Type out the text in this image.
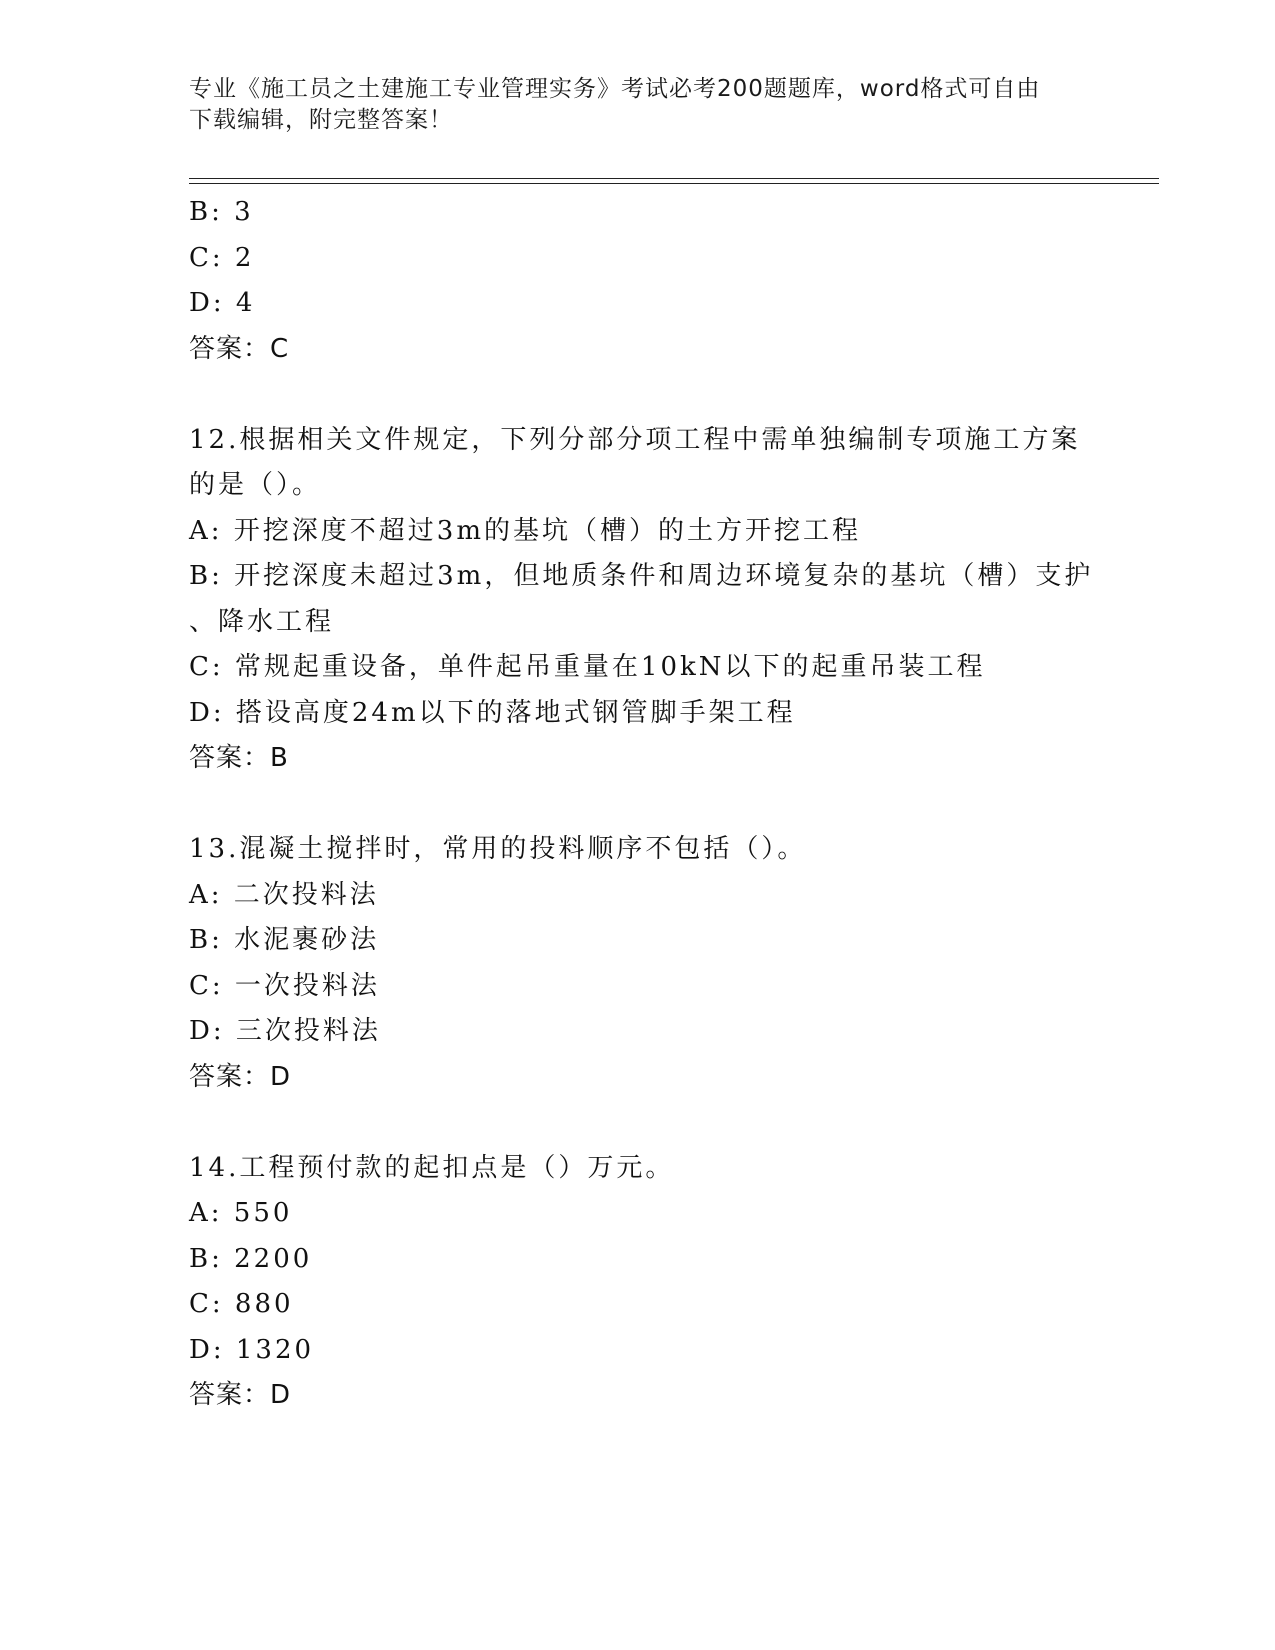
专业《施工员之土建施工专业管理实务》考试必考200题题库，word格式可自由
下载编辑，附完整答案！
B: 3
C: 2
D: 4
答案：C
12.根据相关文件规定，下列分部分项工程中需单独编制专项施工方案
的是（）。
A: 开挖深度不超过3m的基坑（槽）的土方开挖工程
B: 开挖深度未超过3m，但地质条件和周边环境复杂的基坑（槽）支护
、降水工程
C: 常规起重设备，单件起吊重量在10kN以下的起重吊装工程
D: 搭设高度24m以下的落地式钢管脚手架工程
答案：B
13.混凝土搅拌时，常用的投料顺序不包括（）。
A: 二次投料法
B: 水泥裹砂法
C: 一次投料法
D: 三次投料法
答案：D
14.工程预付款的起扣点是（）万元。
A: 550
B: 2200
C: 880
D: 1320
答案：D
